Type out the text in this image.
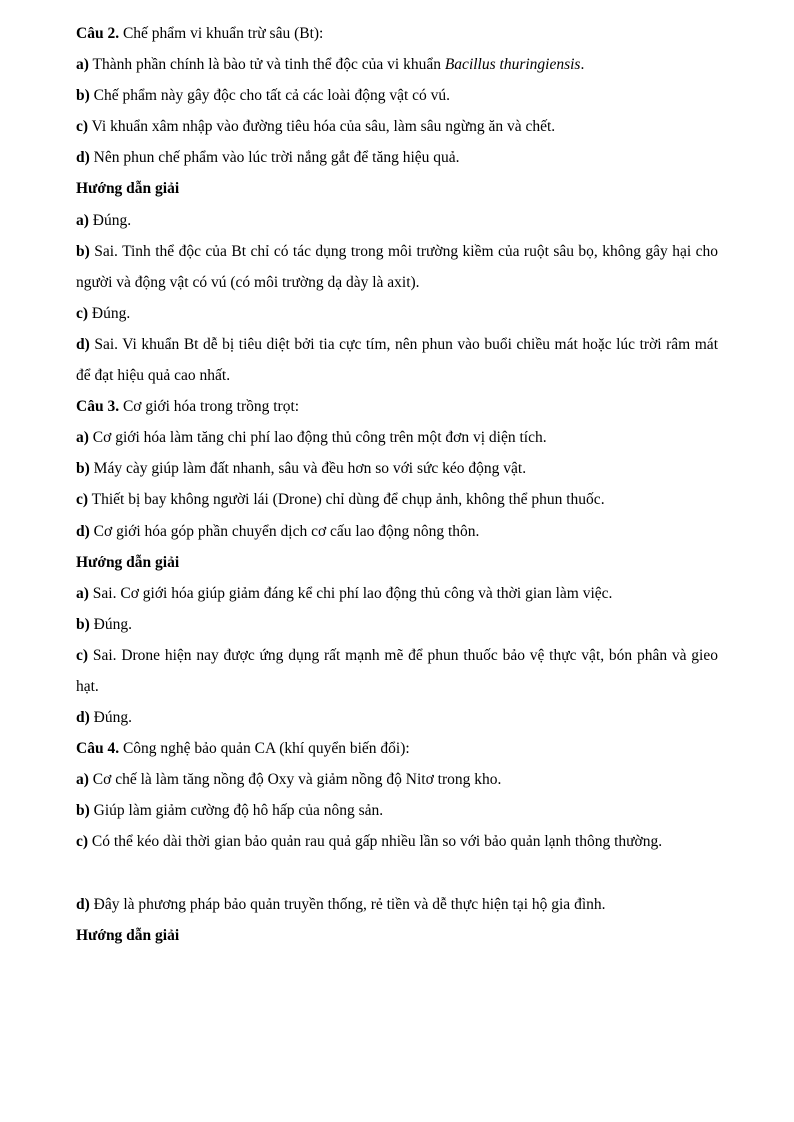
Câu 2. Chế phẩm vi khuẩn trừ sâu (Bt):
a) Thành phần chính là bào tử và tinh thể độc của vi khuẩn Bacillus thuringiensis.
b) Chế phẩm này gây độc cho tất cả các loài động vật có vú.
c) Vi khuẩn xâm nhập vào đường tiêu hóa của sâu, làm sâu ngừng ăn và chết.
d) Nên phun chế phẩm vào lúc trời nắng gắt để tăng hiệu quả.
Hướng dẫn giải
a) Đúng.
b) Sai. Tinh thể độc của Bt chỉ có tác dụng trong môi trường kiềm của ruột sâu bọ, không gây hại cho người và động vật có vú (có môi trường dạ dày là axit).
c) Đúng.
d) Sai. Vi khuẩn Bt dễ bị tiêu diệt bởi tia cực tím, nên phun vào buổi chiều mát hoặc lúc trời râm mát để đạt hiệu quả cao nhất.
Câu 3. Cơ giới hóa trong trồng trọt:
a) Cơ giới hóa làm tăng chi phí lao động thủ công trên một đơn vị diện tích.
b) Máy cày giúp làm đất nhanh, sâu và đều hơn so với sức kéo động vật.
c) Thiết bị bay không người lái (Drone) chỉ dùng để chụp ảnh, không thể phun thuốc.
d) Cơ giới hóa góp phần chuyển dịch cơ cấu lao động nông thôn.
Hướng dẫn giải
a) Sai. Cơ giới hóa giúp giảm đáng kể chi phí lao động thủ công và thời gian làm việc.
b) Đúng.
c) Sai. Drone hiện nay được ứng dụng rất mạnh mẽ để phun thuốc bảo vệ thực vật, bón phân và gieo hạt.
d) Đúng.
Câu 4. Công nghệ bảo quản CA (khí quyển biến đổi):
a) Cơ chế là làm tăng nồng độ Oxy và giảm nồng độ Nitơ trong kho.
b) Giúp làm giảm cường độ hô hấp của nông sản.
c) Có thể kéo dài thời gian bảo quản rau quả gấp nhiều lần so với bảo quản lạnh thông thường.
d) Đây là phương pháp bảo quản truyền thống, rẻ tiền và dễ thực hiện tại hộ gia đình.
Hướng dẫn giải
